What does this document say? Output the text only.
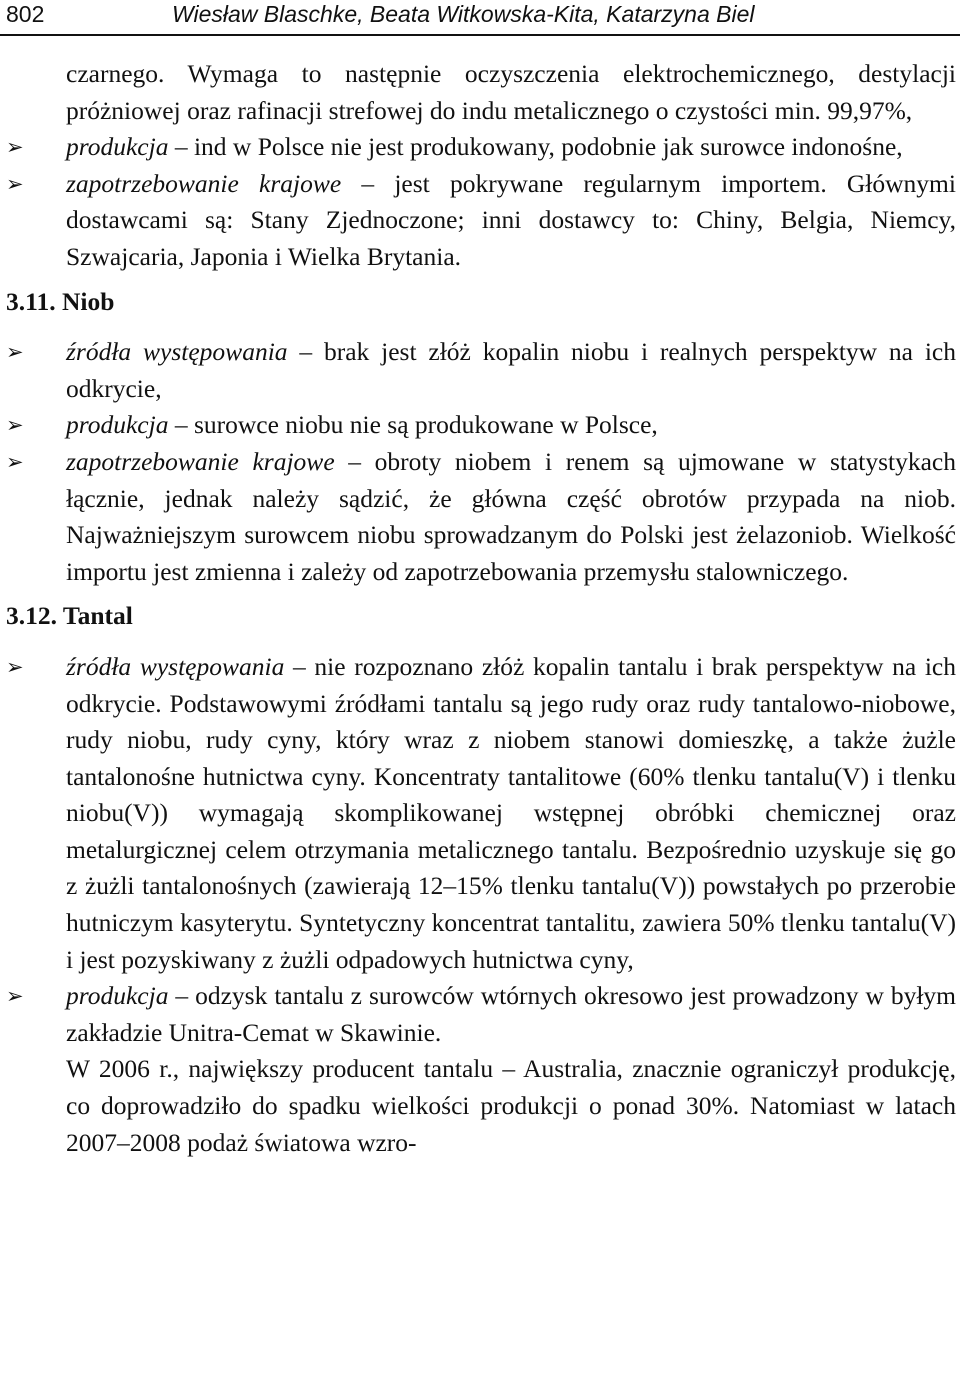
802	Wiesław Blaschke, Beata Witkowska-Kita, Katarzyna Biel

czarnego. Wymaga to następnie oczyszczenia elektrochemicznego, destylacji próżniowej oraz rafinacji strefowej do indu metalicznego o czystości min. 99,97%,

➢ produkcja – ind w Polsce nie jest produkowany, podobnie jak surowce indonośne,
➢ zapotrzebowanie krajowe – jest pokrywane regularnym importem. Głównymi dostawcami są: Stany Zjednoczone; inni dostawcy to: Chiny, Belgia, Niemcy, Szwajcaria, Japonia i Wielka Brytania.
3.11. Niob
➢ źródła występowania – brak jest złóż kopalin niobu i realnych perspektyw na ich odkrycie,
➢ produkcja – surowce niobu nie są produkowane w Polsce,
➢ zapotrzebowanie krajowe – obroty niobem i renem są ujmowane w statystykach łącznie, jednak należy sądzić, że główna część obrotów przypada na niob. Najważniejszym surowcem niobu sprowadzanym do Polski jest żelazoniob. Wielkość importu jest zmienna i zależy od zapotrzebowania przemysłu stalowniczego.
3.12. Tantal
➢ źródła występowania – nie rozpoznano złóż kopalin tantalu i brak perspektyw na ich odkrycie. Podstawowymi źródłami tantalu są jego rudy oraz rudy tantalowo-niobowe, rudy niobu, rudy cyny, który wraz z niobem stanowi domieszkę, a także żużle tantalonośne hutnictwa cyny. Koncentraty tantalitowe (60% tlenku tantalu(V) i tlenku niobu(V)) wymagają skomplikowanej wstępnej obróbki chemicznej oraz metalurgicznej celem otrzymania metalicznego tantalu. Bezpośrednio uzyskuje się go z żużli tantalonośnych (zawierają 12–15% tlenku tantalu(V)) powstałych po przerobie hutniczym kasyterytu. Syntetyczny koncentrat tantalitu, zawiera 50% tlenku tantalu(V) i jest pozyskiwany z żużli odpadowych hutnictwa cyny,
➢ produkcja – odzysk tantalu z surowców wtórnych okresowo jest prowadzony w byłym zakładzie Unitra-Cemat w Skawinie.

W 2006 r., największy producent tantalu – Australia, znacznie ograniczył produkcję, co doprowadziło do spadku wielkości produkcji o ponad 30%. Natomiast w latach 2007–2008 podaż światowa wzro-
